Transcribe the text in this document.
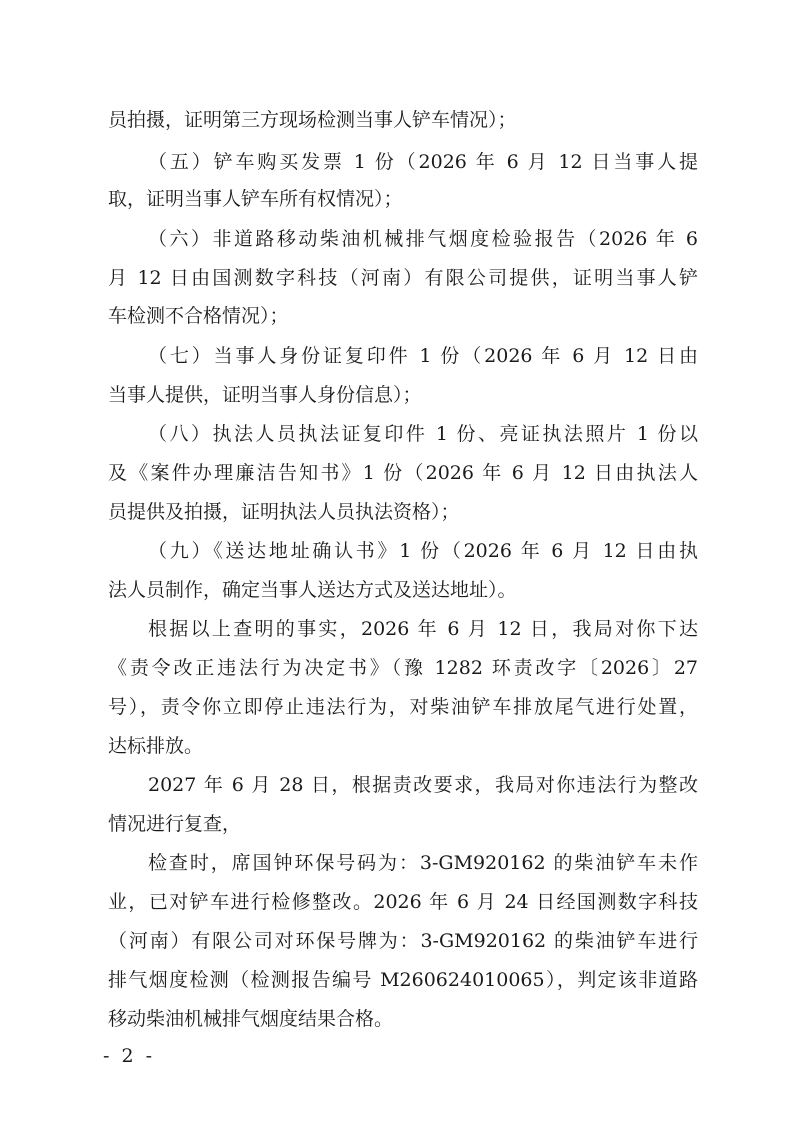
员拍摄，证明第三方现场检测当事人铲车情况）；
（五）铲车购买发票 1 份（2026 年 6 月 12 日当事人提
取，证明当事人铲车所有权情况）；
（六）非道路移动柴油机械排气烟度检验报告（2026 年 6
月 12 日由国测数字科技（河南）有限公司提供，证明当事人铲
车检测不合格情况）；
（七）当事人身份证复印件 1 份（2026 年 6 月 12 日由
当事人提供，证明当事人身份信息）；
（八）执法人员执法证复印件 1 份、亮证执法照片 1 份以
及《案件办理廉洁告知书》1 份（2026 年 6 月 12 日由执法人
员提供及拍摄，证明执法人员执法资格）；
（九）《送达地址确认书》1 份（2026 年 6 月 12 日由执
法人员制作，确定当事人送达方式及送达地址）。
根据以上查明的事实，2026 年 6 月 12 日，我局对你下达
《责令改正违法行为决定书》（豫 1282 环责改字〔2026〕27
号），责令你立即停止违法行为，对柴油铲车排放尾气进行处置，
达标排放。
2027 年 6 月 28 日，根据责改要求，我局对你违法行为整改
情况进行复查，
检查时，席国钟环保号码为：3-GM920162 的柴油铲车未作
业，已对铲车进行检修整改。2026 年 6 月 24 日经国测数字科技
（河南）有限公司对环保号牌为：3-GM920162 的柴油铲车进行
排气烟度检测（检测报告编号 M260624010065），判定该非道路
移动柴油机械排气烟度结果合格。
- 2 -
